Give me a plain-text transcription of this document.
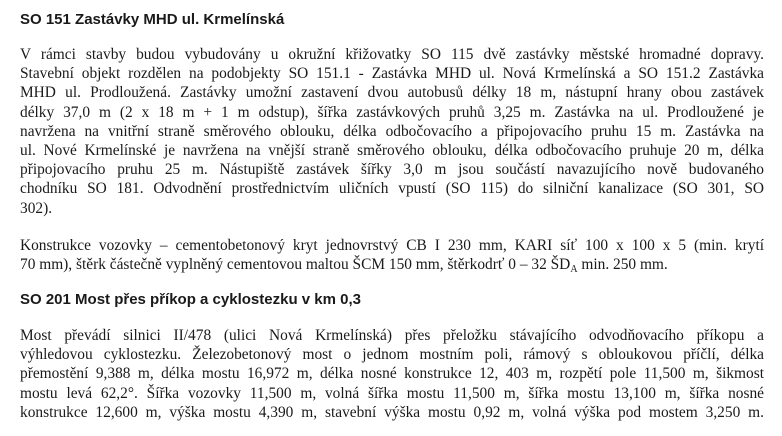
SO 151 Zastávky MHD ul. Krmelínská
V rámci stavby budou vybudovány u okružní křižovatky SO 115 dvě zastávky městské hromadné dopravy.
Stavební objekt rozdělen na podobjekty SO 151.1 - Zastávka MHD ul. Nová Krmelínská a SO 151.2 Zastávka
MHD ul. Prodloužená. Zastávky umožní zastavení dvou autobusů délky 18 m, nástupní hrany obou zastávek
délky 37,0 m (2 x 18 m + 1 m odstup), šířka zastávkových pruhů 3,25 m. Zastávka na ul. Prodloužené je
navržena na vnitřní straně směrového oblouku, délka odbočovacího a připojovacího pruhu 15 m. Zastávka na
ul. Nové Krmelínské je navržena na vnější straně směrového oblouku, délka odbočovacího pruhuje 20 m, délka
připojovacího pruhu 25 m. Nástupiště zastávek šířky 3,0 m jsou součástí navazujícího nově budovaného
chodníku SO 181. Odvodnění prostřednictvím uličních vpustí (SO 115) do silniční kanalizace (SO 301, SO
302).
Konstrukce vozovky – cementobetonový kryt jednovrstvý CB I 230 mm, KARI síť 100 x 100 x 5 (min. krytí
70 mm), štěrk částečně vyplněný cementovou maltou ŠCM 150 mm, štěrkodrť 0 – 32 $ŠD_A$ min. 250 mm.
SO 201 Most přes příkop a cyklostezku v km 0,3
Most převádí silnici II/478 (ulici Nová Krmelínská) přes přeložku stávajícího odvodňovacího příkopu a
výhledovou cyklostezku. Železobetonový most o jednom mostním poli, rámový s obloukovou příčlí, délka
přemostění 9,388 m, délka mostu 16,972 m, délka nosné konstrukce 12, 403 m, rozpětí pole 11,500 m, šikmost
mostu levá 62,2°. Šířka vozovky 11,500 m, volná šířka mostu 11,500 m, šířka mostu 13,100 m, šířka nosné
konstrukce 12,600 m, výška mostu 4,390 m, stavební výška mostu 0,92 m, volná výška pod mostem 3,250 m.
